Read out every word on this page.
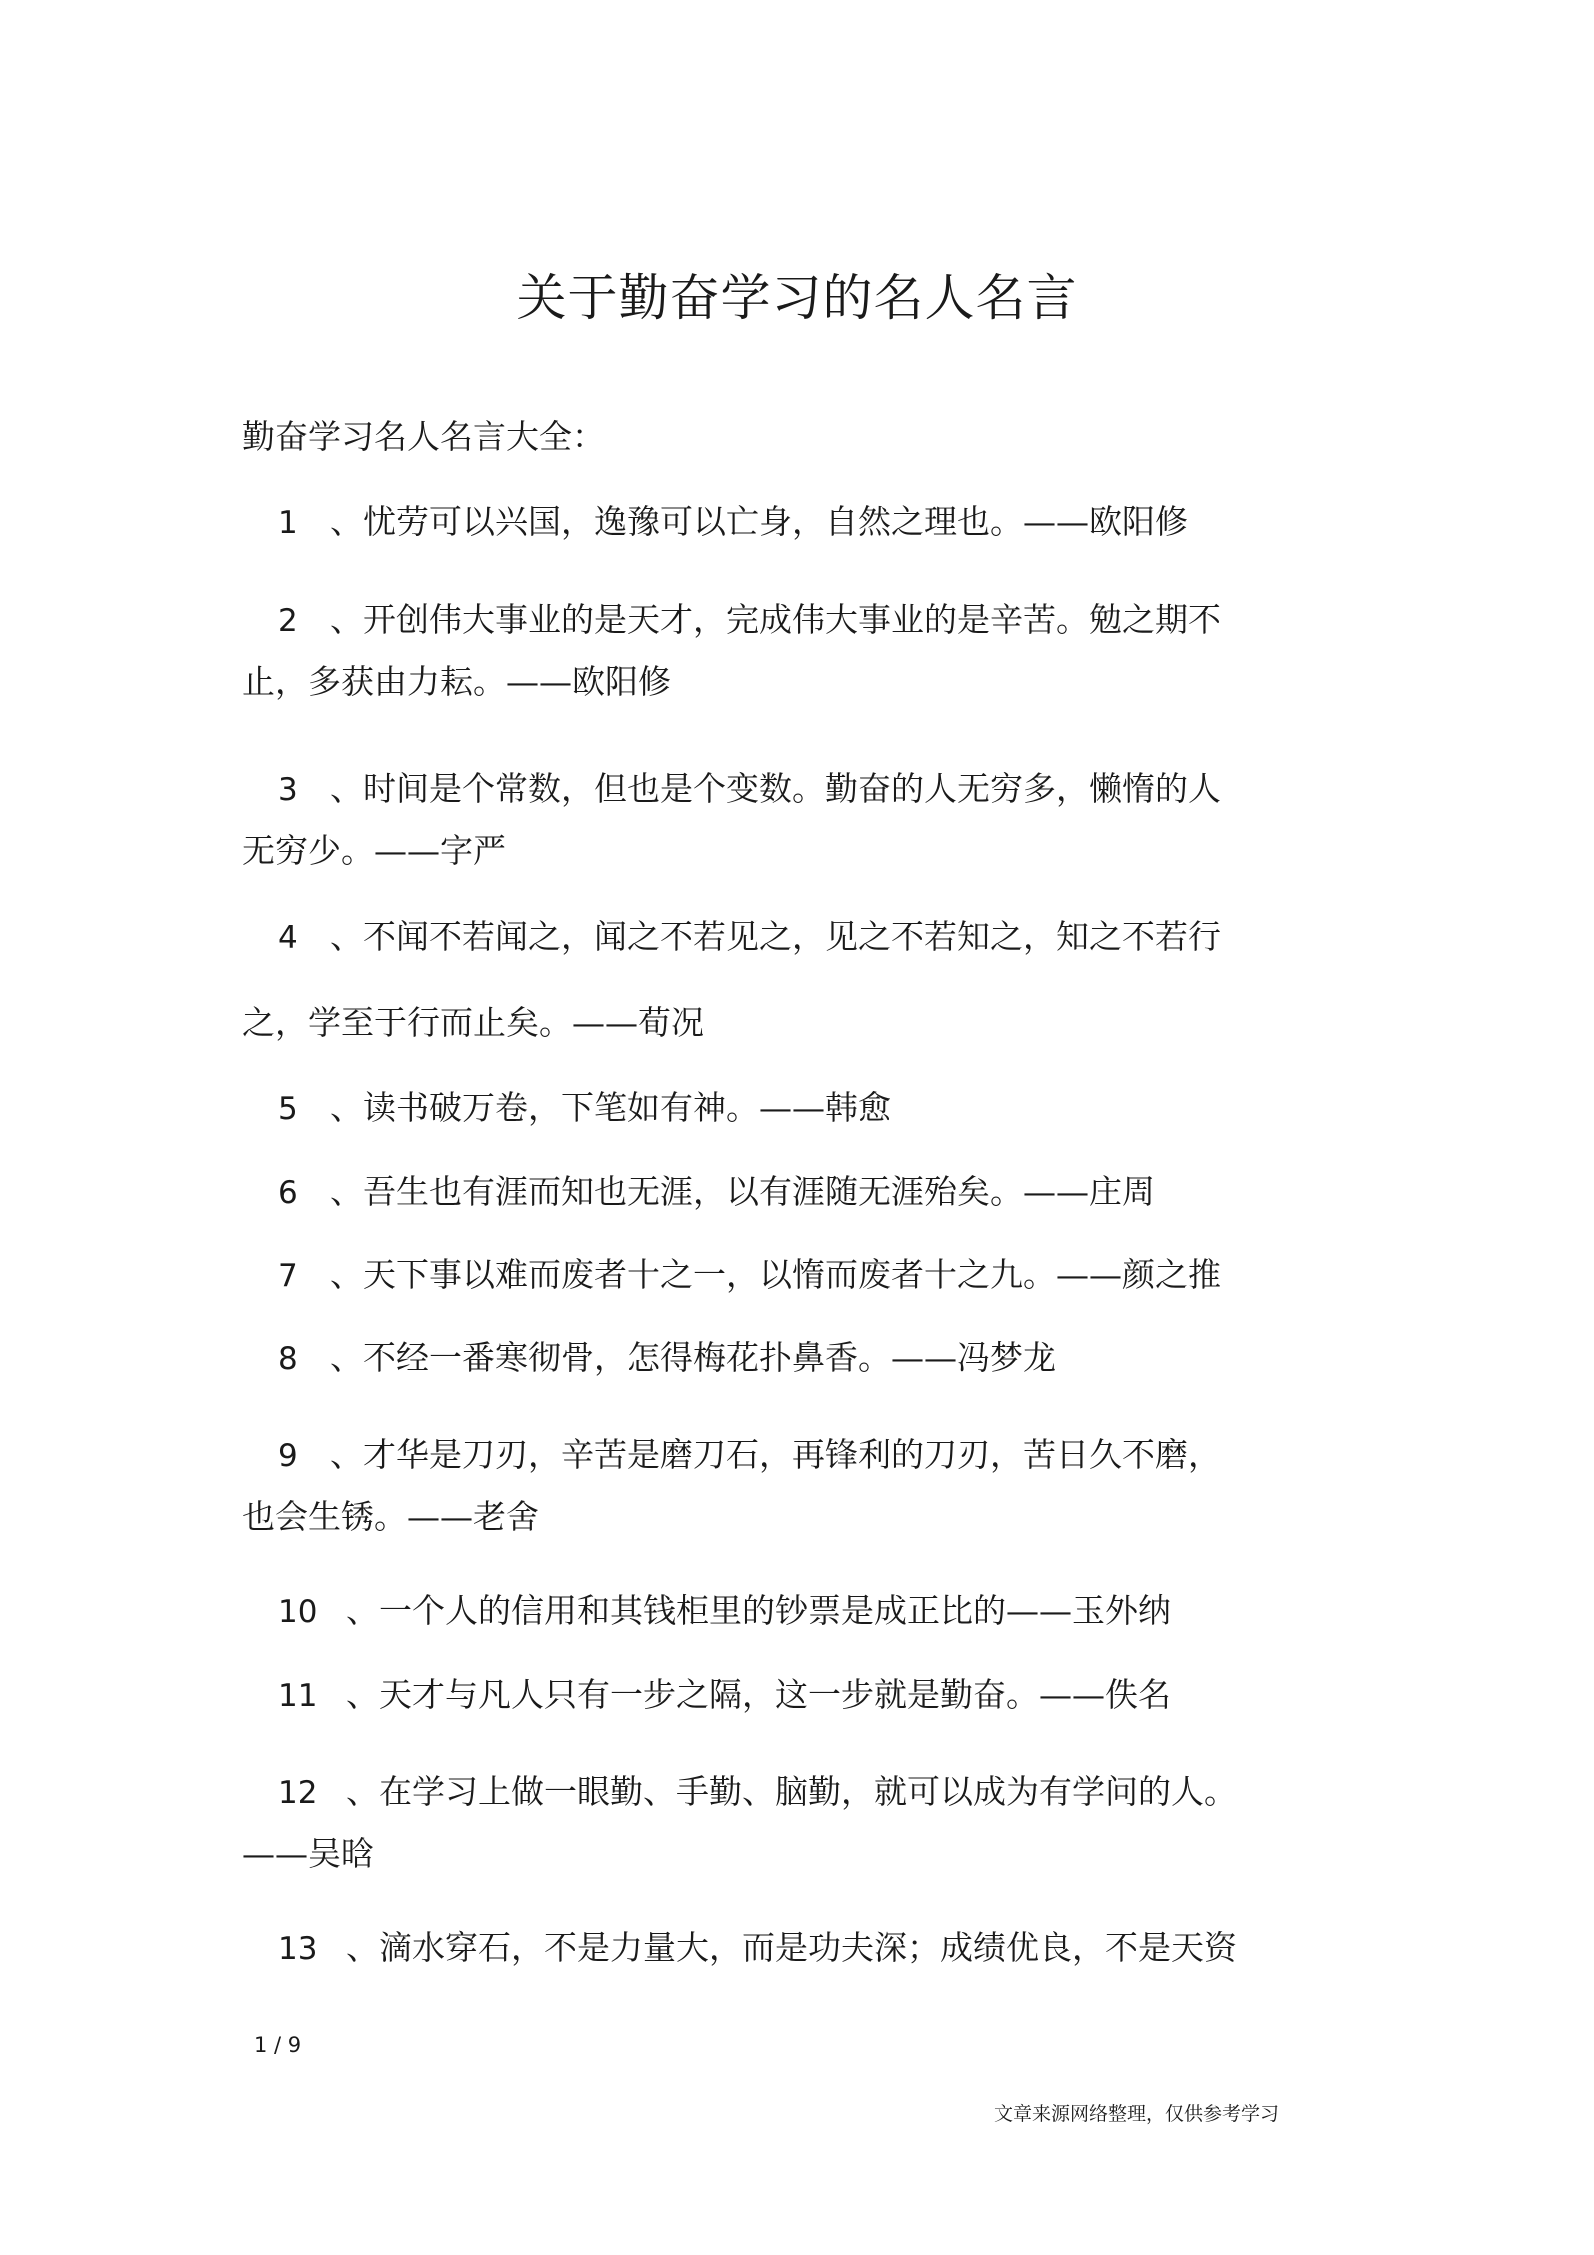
关于勤奋学习的名人名言
勤奋学习名人名言大全：
1 、忧劳可以兴国，逸豫可以亡身，自然之理也。——欧阳修
2 、开创伟大事业的是天才，完成伟大事业的是辛苦。勉之期不
止，多获由力耘。——欧阳修
3 、时间是个常数，但也是个变数。勤奋的人无穷多，懒惰的人
无穷少。——字严
4 、不闻不若闻之，闻之不若见之，见之不若知之，知之不若行
之，学至于行而止矣。——荀况
5 、读书破万卷，下笔如有神。——韩愈
6 、吾生也有涯而知也无涯，以有涯随无涯殆矣。——庄周
7 、天下事以难而废者十之一，以惰而废者十之九。——颜之推
8 、不经一番寒彻骨，怎得梅花扑鼻香。——冯梦龙
9 、才华是刀刃，辛苦是磨刀石，再锋利的刀刃，苦日久不磨，
也会生锈。——老舍
10 、一个人的信用和其钱柜里的钞票是成正比的——玉外纳
11 、天才与凡人只有一步之隔，这一步就是勤奋。——佚名
12 、在学习上做一眼勤、手勤、脑勤，就可以成为有学问的人。
——吴晗
13 、滴水穿石，不是力量大，而是功夫深；成绩优良，不是天资
1 / 9
文章来源网络整理，仅供参考学习
